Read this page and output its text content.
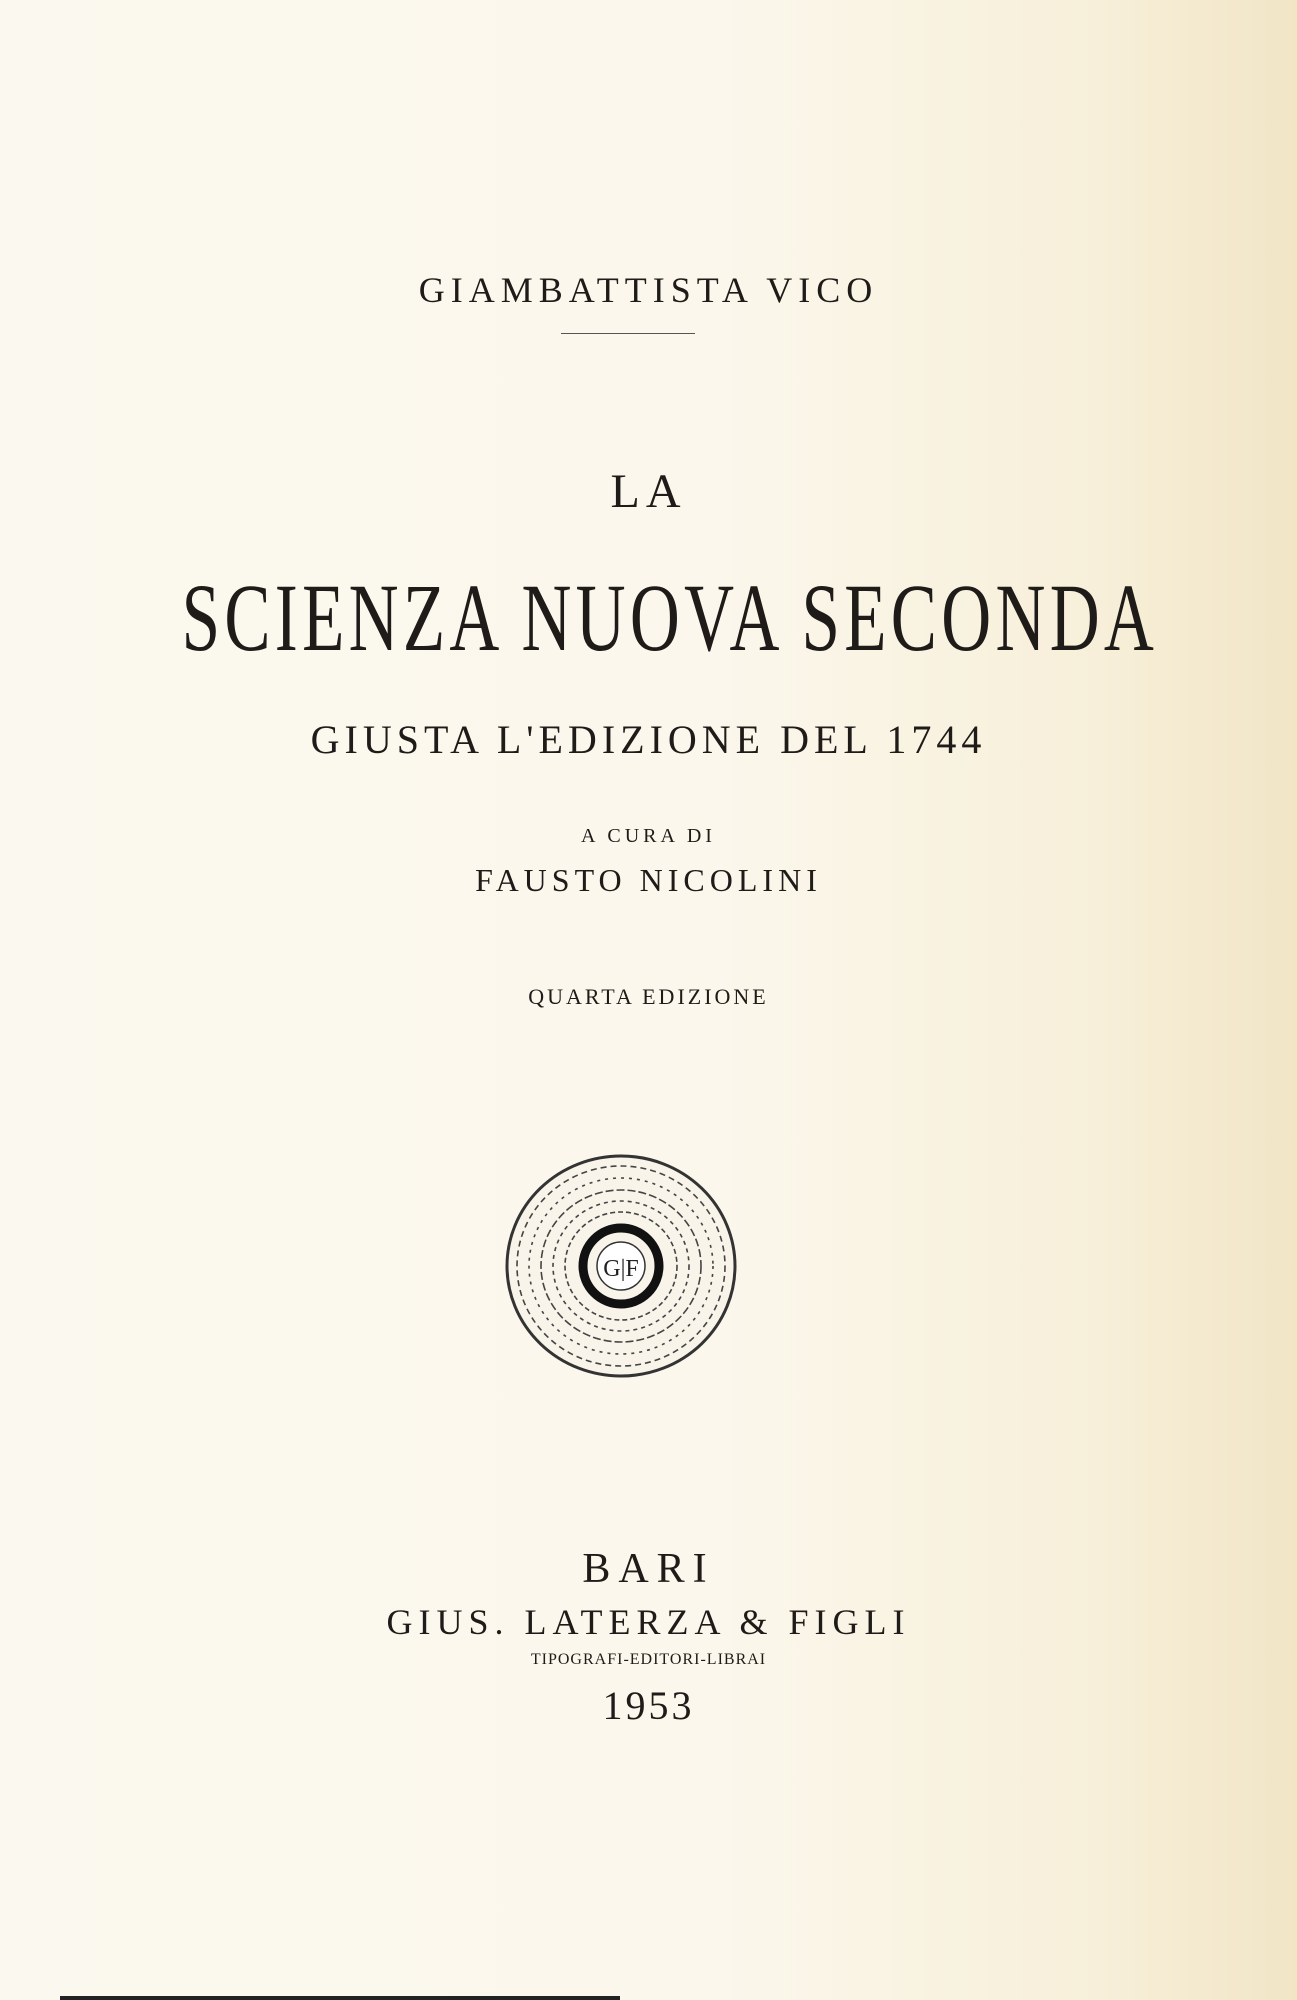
GIAMBATTISTA VICO
LA
SCIENZA NUOVA SECONDA
GIUSTA L'EDIZIONE DEL 1744
A CURA DI
FAUSTO NICOLINI
QUARTA EDIZIONE
G|F
BARI
GIUS. LATERZA & FIGLI
TIPOGRAFI-EDITORI-LIBRAI
1953
